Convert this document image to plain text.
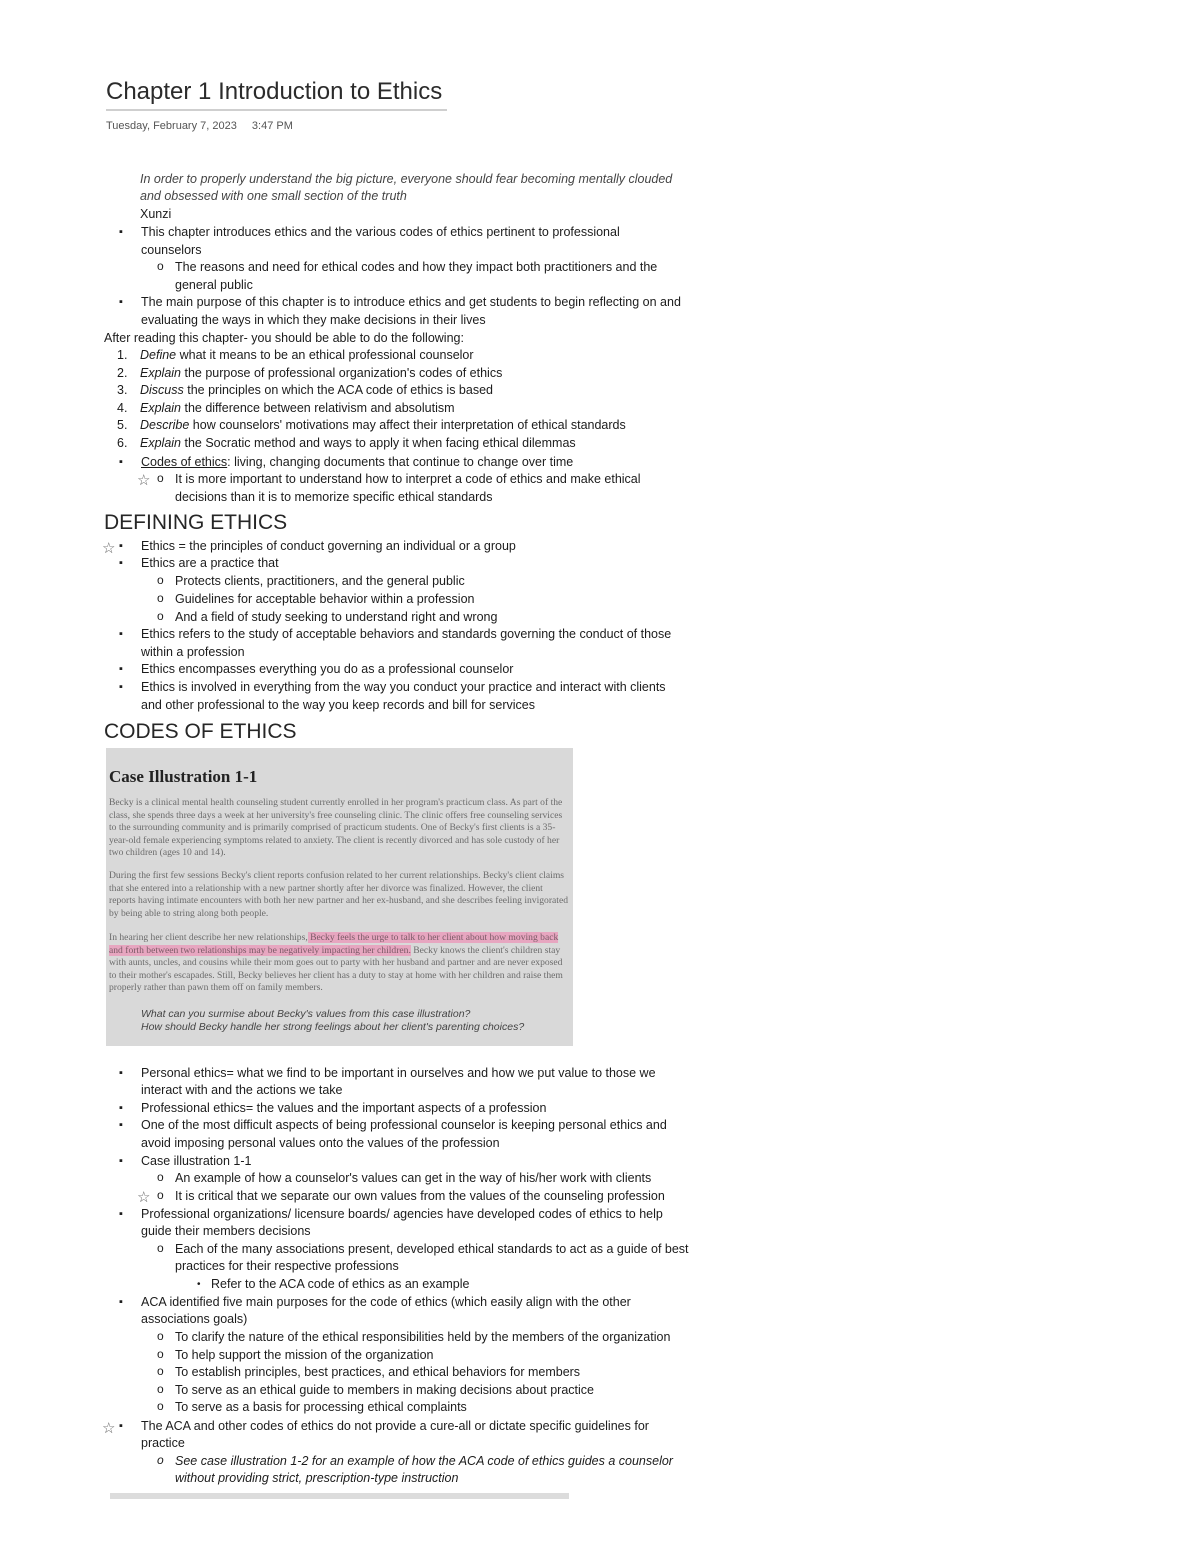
Chapter 1 Introduction to Ethics
Tuesday, February 7, 2023 3:47 PM
In order to properly understand the big picture, everyone should fear becoming mentally clouded
and obsessed with one small section of the truth
Xunzi
▪ This chapter introduces ethics and the various codes of ethics pertinent to professional
counselors
o The reasons and need for ethical codes and how they impact both practitioners and the
general public
▪ The main purpose of this chapter is to introduce ethics and get students to begin reflecting on and
evaluating the ways in which they make decisions in their lives
After reading this chapter- you should be able to do the following:
1. Define what it means to be an ethical professional counselor
2. Explain the purpose of professional organization's codes of ethics
3. Discuss the principles on which the ACA code of ethics is based
4. Explain the difference between relativism and absolutism
5. Describe how counselors' motivations may affect their interpretation of ethical standards
6. Explain the Socratic method and ways to apply it when facing ethical dilemmas
▪ Codes of ethics: living, changing documents that continue to change over time
☆ o It is more important to understand how to interpret a code of ethics and make ethical
decisions than it is to memorize specific ethical standards
DEFINING ETHICS
☆ ▪ Ethics = the principles of conduct governing an individual or a group
▪ Ethics are a practice that
o Protects clients, practitioners, and the general public
o Guidelines for acceptable behavior within a profession
o And a field of study seeking to understand right and wrong
▪ Ethics refers to the study of acceptable behaviors and standards governing the conduct of those
within a profession
▪ Ethics encompasses everything you do as a professional counselor
▪ Ethics is involved in everything from the way you conduct your practice and interact with clients
and other professional to the way you keep records and bill for services
CODES OF ETHICS
Case Illustration 1-1
Becky is a clinical mental health counseling student currently enrolled in her program's practicum class. As part of the class, she spends three days a week at her university's free counseling clinic. The clinic offers free counseling services to the surrounding community and is primarily comprised of practicum students. One of Becky's first clients is a 35-year-old female experiencing symptoms related to anxiety. The client is recently divorced and has sole custody of her two children (ages 10 and 14).
During the first few sessions Becky's client reports confusion related to her current relationships. Becky's client claims that she entered into a relationship with a new partner shortly after her divorce was finalized. However, the client reports having intimate encounters with both her new partner and her ex-husband, and she describes feeling invigorated by being able to string along both people.
In hearing her client describe her new relationships, Becky feels the urge to talk to her client about how moving back and forth between two relationships may be negatively impacting her children. Becky knows the client's children stay with aunts, uncles, and cousins while their mom goes out to party with her husband and partner and are never exposed to their mother's escapades. Still, Becky believes her client has a duty to stay at home with her children and raise them properly rather than pawn them off on family members.
What can you surmise about Becky's values from this case illustration?
How should Becky handle her strong feelings about her client's parenting choices?
▪ Personal ethics= what we find to be important in ourselves and how we put value to those we
interact with and the actions we take
▪ Professional ethics= the values and the important aspects of a profession
▪ One of the most difficult aspects of being professional counselor is keeping personal ethics and
avoid imposing personal values onto the values of the profession
▪ Case illustration 1-1
o An example of how a counselor's values can get in the way of his/her work with clients
☆ o It is critical that we separate our own values from the values of the counseling profession
▪ Professional organizations/ licensure boards/ agencies have developed codes of ethics to help
guide their members decisions
o Each of the many associations present, developed ethical standards to act as a guide of best
practices for their respective professions
• Refer to the ACA code of ethics as an example
▪ ACA identified five main purposes for the code of ethics (which easily align with the other
associations goals)
o To clarify the nature of the ethical responsibilities held by the members of the organization
o To help support the mission of the organization
o To establish principles, best practices, and ethical behaviors for members
o To serve as an ethical guide to members in making decisions about practice
o To serve as a basis for processing ethical complaints
☆ ▪ The ACA and other codes of ethics do not provide a cure-all or dictate specific guidelines for
practice
o See case illustration 1-2 for an example of how the ACA code of ethics guides a counselor
without providing strict, prescription-type instruction
